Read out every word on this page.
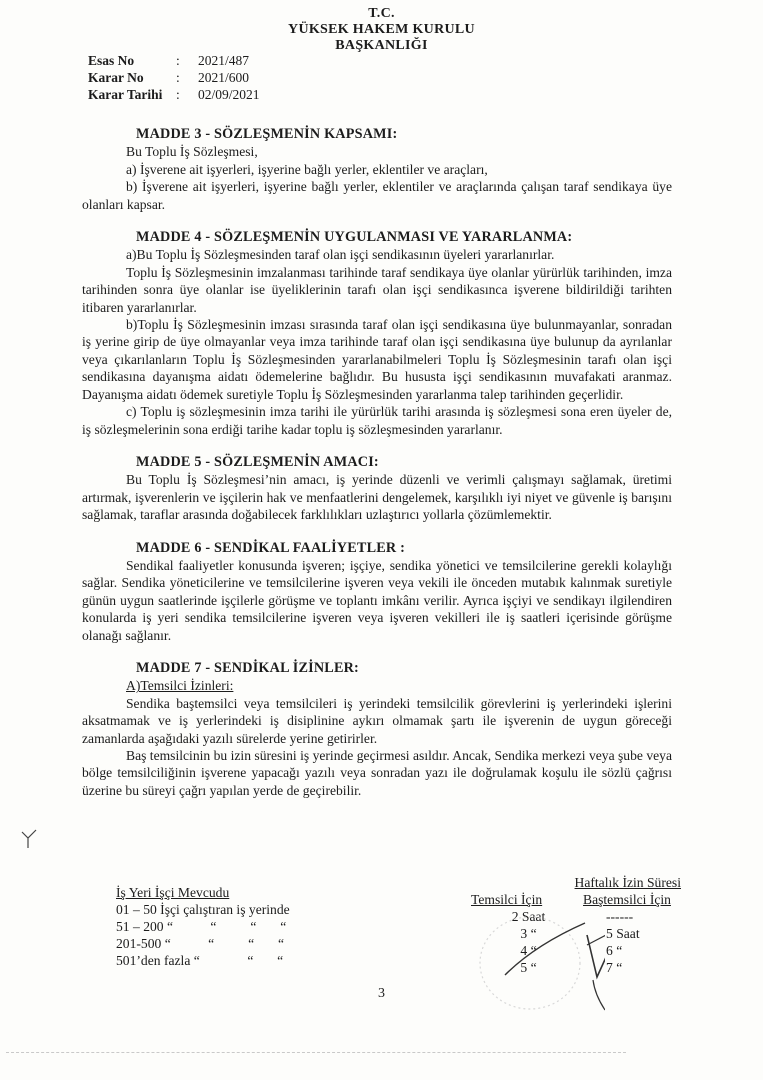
T.C.
YÜKSEK HAKEM KURULU
BAŞKANLIĞI
Esas No	:	2021/487
Karar No	:	2021/600
Karar Tarihi	:	02/09/2021
MADDE 3 - SÖZLEŞMENİN KAPSAMI:

Bu Toplu İş Sözleşmesi,

a) İşverene ait işyerleri, işyerine bağlı yerler, eklentiler ve araçları,

b) İşverene ait işyerleri, işyerine bağlı yerler, eklentiler ve araçlarında çalışan taraf sendikaya üye olanları kapsar.

MADDE 4 - SÖZLEŞMENİN UYGULANMASI VE YARARLANMA:

a)Bu Toplu İş Sözleşmesinden taraf olan işçi sendikasının üyeleri yararlanırlar.

Toplu İş Sözleşmesinin imzalanması tarihinde taraf sendikaya üye olanlar yürürlük tarihinden, imza tarihinden sonra üye olanlar ise üyeliklerinin tarafı olan işçi sendikasınca işverene bildirildiği tarihten itibaren yararlanırlar.

b)Toplu İş Sözleşmesinin imzası sırasında taraf olan işçi sendikasına üye bulunmayanlar, sonradan iş yerine girip de üye olmayanlar veya imza tarihinde taraf olan işçi sendikasına üye bulunup da ayrılanlar veya çıkarılanların Toplu İş Sözleşmesinden yararlanabilmeleri Toplu İş Sözleşmesinin tarafı olan işçi sendikasına dayanışma aidatı ödemelerine bağlıdır. Bu hususta işçi sendikasının muvafakati aranmaz. Dayanışma aidatı ödemek suretiyle Toplu İş Sözleşmesinden yararlanma talep tarihinden geçerlidir.

c) Toplu iş sözleşmesinin imza tarihi ile yürürlük tarihi arasında iş sözleşmesi sona eren üyeler de, iş sözleşmelerinin sona erdiği tarihe kadar toplu iş sözleşmesinden yararlanır.

MADDE 5 - SÖZLEŞMENİN AMACI:

Bu Toplu İş Sözleşmesi’nin amacı, iş yerinde düzenli ve verimli çalışmayı sağlamak, üretimi artırmak, işverenlerin ve işçilerin hak ve menfaatlerini dengelemek, karşılıklı iyi niyet ve güvenle iş barışını sağlamak, taraflar arasında doğabilecek farklılıkları uzlaştırıcı yollarla çözümlemektir.

MADDE 6 - SENDİKAL FAALİYETLER :

Sendikal faaliyetler konusunda işveren; işçiye, sendika yönetici ve temsilcilerine gerekli kolaylığı sağlar. Sendika yöneticilerine ve temsilcilerine işveren veya vekili ile önceden mutabık kalınmak suretiyle günün uygun saatlerinde işçilerle görüşme ve toplantı imkânı verilir. Ayrıca işçiyi ve sendikayı ilgilendiren konularda iş yeri sendika temsilcilerine işveren veya işveren vekilleri ile iş saatleri içerisinde görüşme olanağı sağlanır.

MADDE 7 - SENDİKAL İZİNLER:
A)Temsilci İzinleri:

Sendika baştemsilci veya temsilcileri iş yerindeki temsilcilik görevlerini iş yerlerindeki işlerini aksatmamak ve iş yerlerindeki iş disiplinine aykırı olmamak şartı ile işverenin de uygun göreceği zamanlarda aşağıdaki yazılı sürelerde yerine getirirler.

Baş temsilcinin bu izin süresini iş yerinde geçirmesi asıldır. Ancak, Sendika merkezi veya şube veya bölge temsilciliğinin işverene yapacağı yazılı veya sonradan yazı ile doğrulamak koşulu ile sözlü çağrısı üzerine bu süreyi çağrı yapılan yerde de geçirebilir.

İş Yeri İşçi Mevcudu
01 – 50 İşçi çalıştıran iş yerinde
51 – 200 “           “          “       “
201-500 “           “          “       “
501’den fazla “              “       “
Haftalık İzin Süresi
Temsilci İçin	Baştemsilci İçin
2 Saat	------
3 “	5 Saat
4 “	6 “
5 “	7 “
3
